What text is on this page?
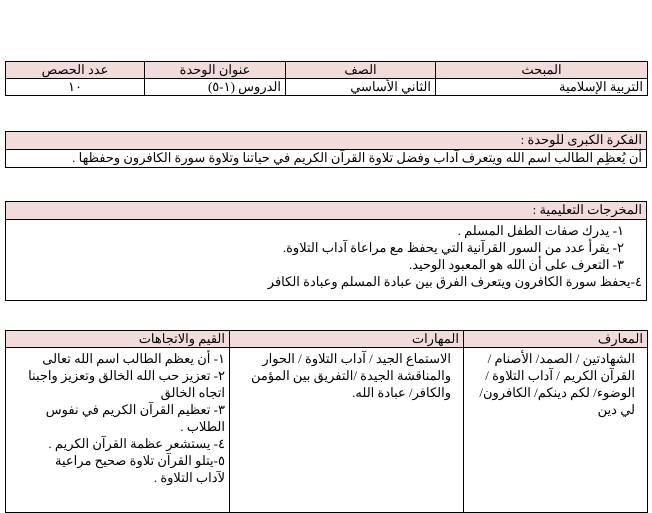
المبحث	الصف	عنوان الوحدة	عدد الحصص
التربية الإسلامية	الثاني الأساسي	الدروس (١-٥)	١٠
الفكرة الكبرى للوحدة :
أن يُعظِم الطالب اسم الله ويتعرف آداب وفضل تلاوة القرآن الكريم في حياتنا وتلاوة سورة الكافرون وحفظها .
المخرجات التعليمية :

١- يدرك صفات الطفل المسلم .
٢- يقرأ عدد من السور القرآنية التي يحفظ مع مراعاة آداب التلاوة.
٣- التعرف على أن الله هو المعبود الوحيد.
٤-يحفظ سورة الكافرون ويتعرف الفرق بين عبادة المسلم وعبادة الكافر
المعارف	المهارات	القيم والاتجاهات

الشهادتين / الصمد/ الأصنام /القرآن الكريم / آداب التلاوة /الوضوء/ لكم دينكم/ الكافرون/ لي دين	الاستماع الجيد / آداب التلاوة / الحوار والمناقشة الجيدة /التفريق بين المؤمن والكافر/ عبادة الله.	١- أن يعظم الطالب اسم الله تعالى
٢- تعزيز حب الله الخالق وتعزيز واجبنا اتجاه الخالق
٣- تعظيم القرآن الكريم في نفوس الطلاب .
٤- يستشعر عظمة القرآن الكريم .
٥-يتلو القرآن تلاوة صحيح مراعية لآداب التلاوة .
